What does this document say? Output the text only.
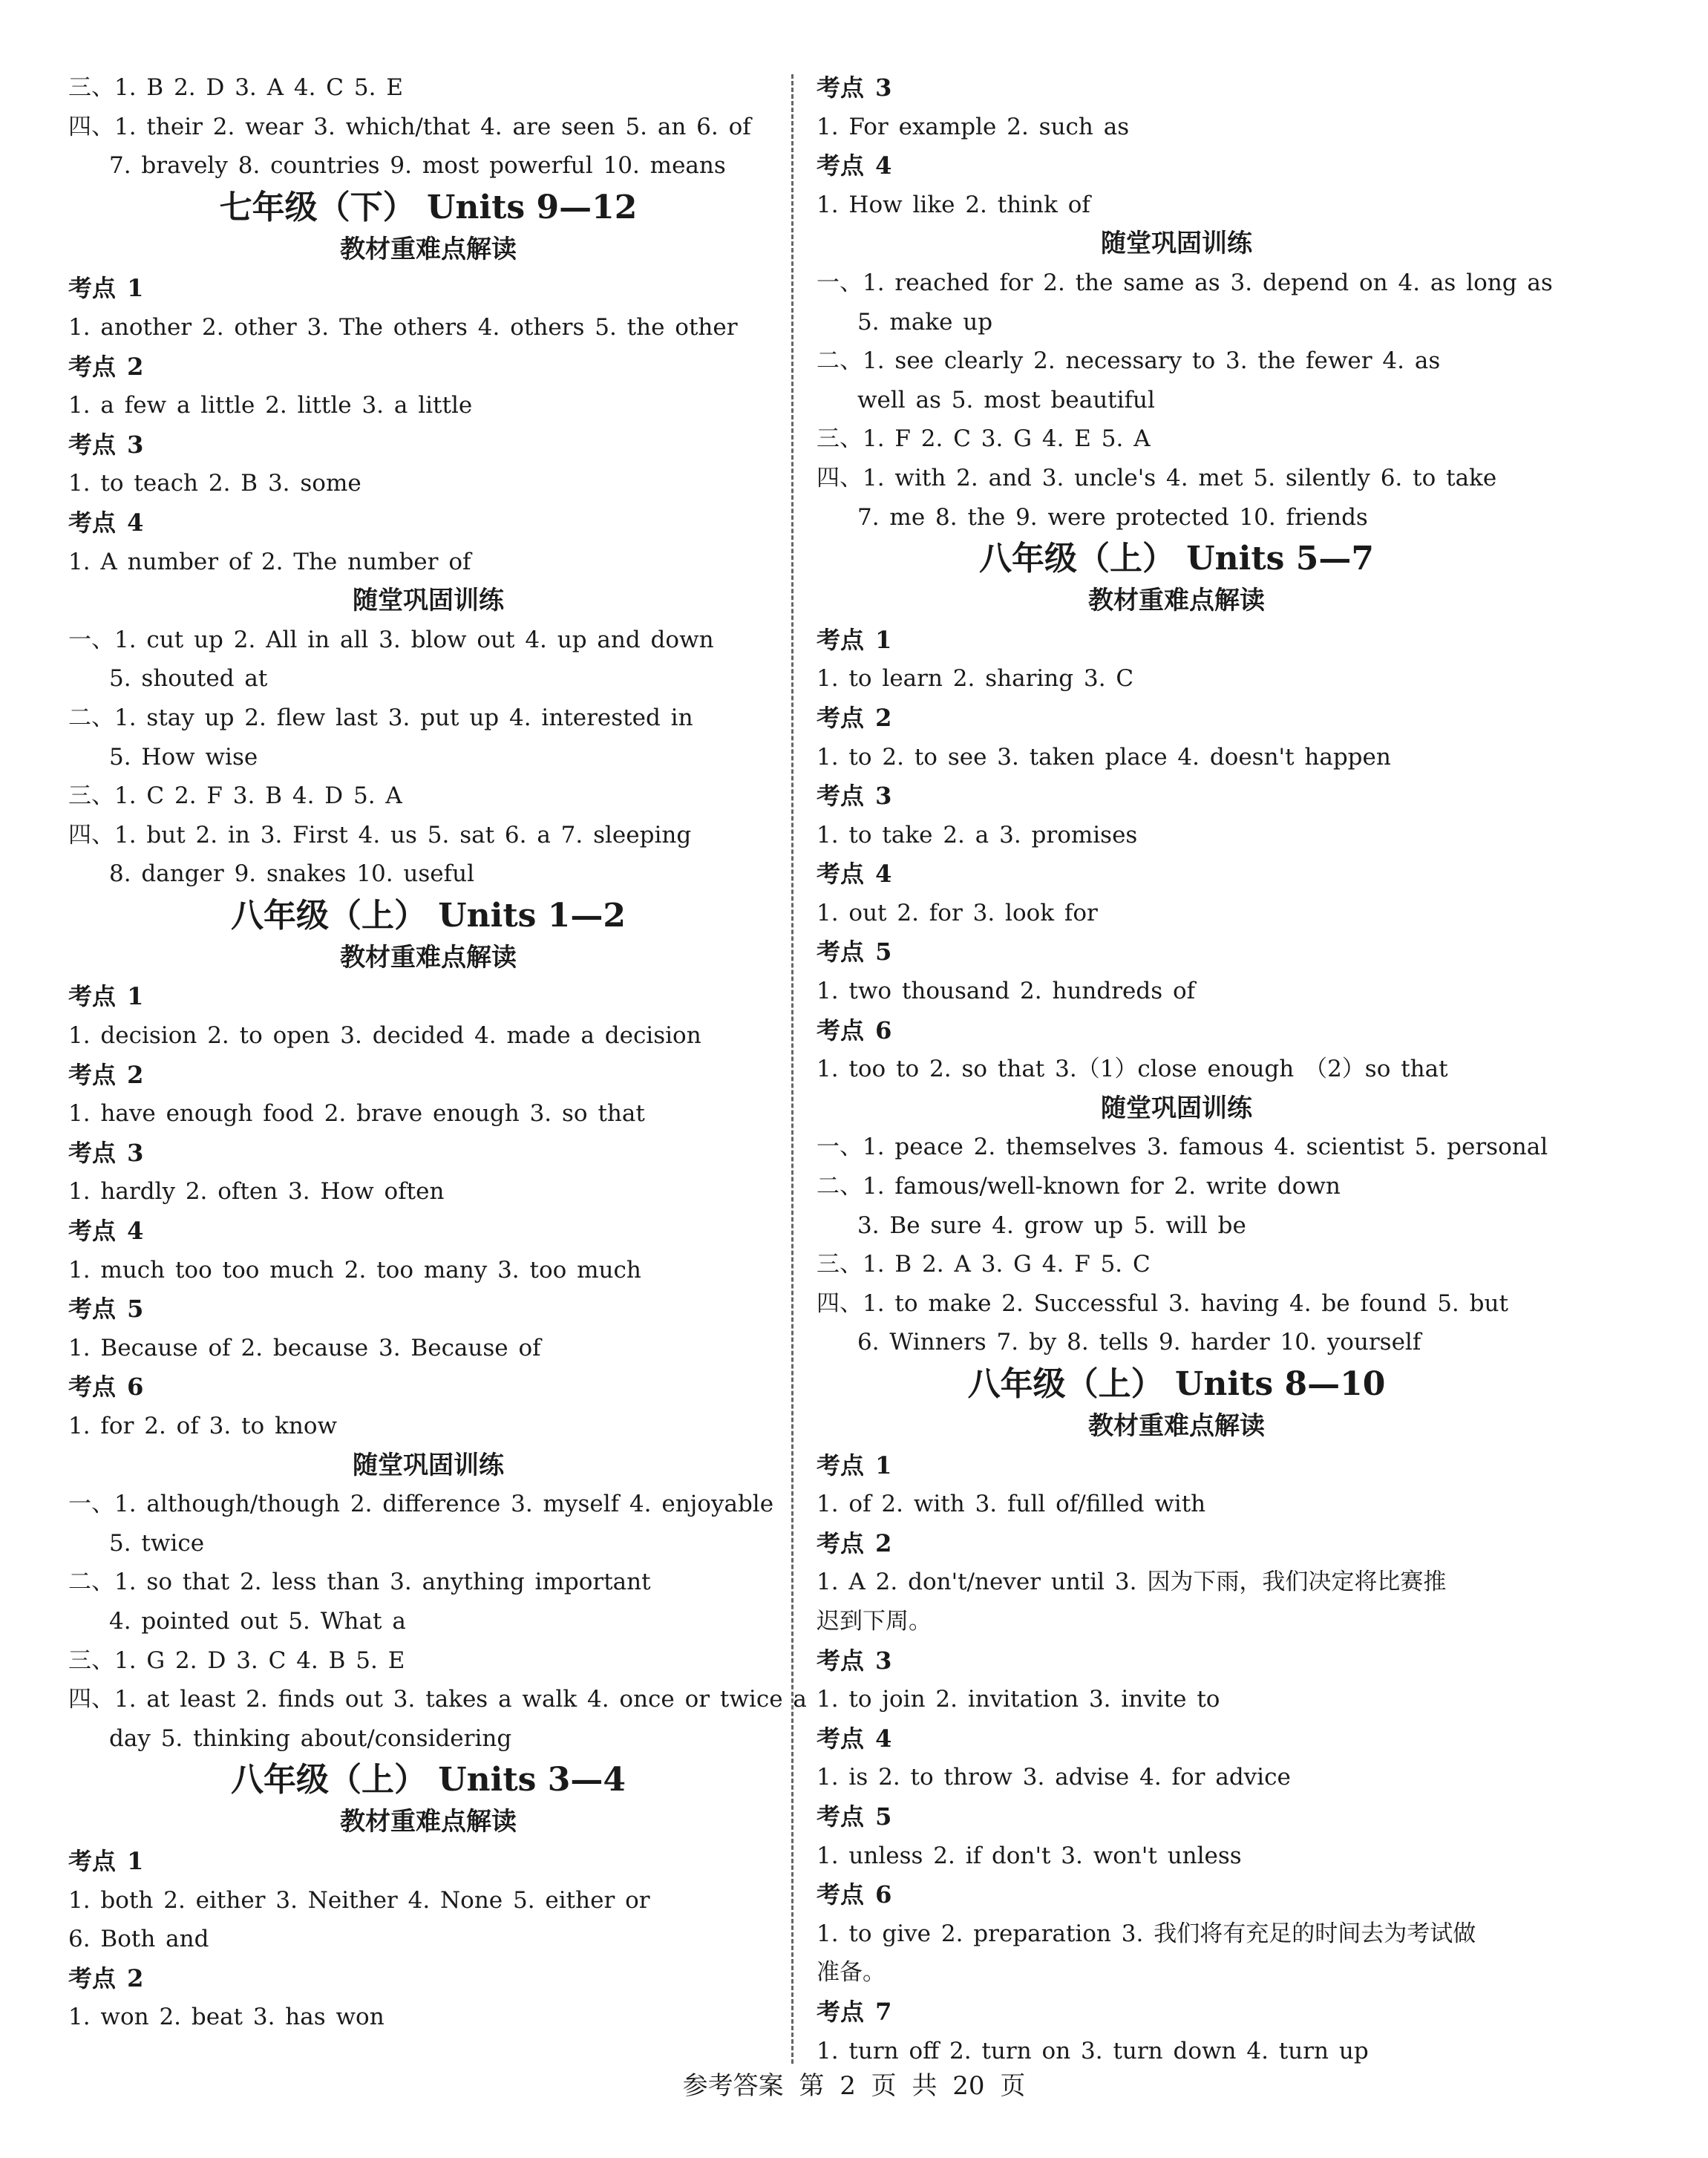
三、1. B 2. D 3. A 4. C 5. E
四、1. their 2. wear 3. which/that 4. are seen 5. an 6. of
7. bravely 8. countries 9. most powerful 10. means
七年级（下） Units 9—12
教材重难点解读
考点 1
1. another 2. other 3. The others 4. others 5. the other
考点 2
1. a few a little 2. little 3. a little
考点 3
1. to teach 2. B 3. some
考点 4
1. A number of 2. The number of
随堂巩固训练
一、1. cut up 2. All in all 3. blow out 4. up and down
5. shouted at
二、1. stay up 2. flew last 3. put up 4. interested in
5. How wise
三、1. C 2. F 3. B 4. D 5. A
四、1. but 2. in 3. First 4. us 5. sat 6. a 7. sleeping
8. danger 9. snakes 10. useful
八年级（上） Units 1—2
教材重难点解读
考点 1
1. decision 2. to open 3. decided 4. made a decision
考点 2
1. have enough food 2. brave enough 3. so that
考点 3
1. hardly 2. often 3. How often
考点 4
1. much too too much 2. too many 3. too much
考点 5
1. Because of 2. because 3. Because of
考点 6
1. for 2. of 3. to know
随堂巩固训练
一、1. although/though 2. difference 3. myself 4. enjoyable
5. twice
二、1. so that 2. less than 3. anything important
4. pointed out 5. What a
三、1. G 2. D 3. C 4. B 5. E
四、1. at least 2. finds out 3. takes a walk 4. once or twice a
day 5. thinking about/considering
八年级（上） Units 3—4
教材重难点解读
考点 1
1. both 2. either 3. Neither 4. None 5. either or
6. Both and
考点 2
1. won 2. beat 3. has won
考点 3
1. For example 2. such as
考点 4
1. How like 2. think of
随堂巩固训练
一、1. reached for 2. the same as 3. depend on 4. as long as
5. make up
二、1. see clearly 2. necessary to 3. the fewer 4. as
well as 5. most beautiful
三、1. F 2. C 3. G 4. E 5. A
四、1. with 2. and 3. uncle's 4. met 5. silently 6. to take
7. me 8. the 9. were protected 10. friends
八年级（上） Units 5—7
教材重难点解读
考点 1
1. to learn 2. sharing 3. C
考点 2
1. to 2. to see 3. taken place 4. doesn't happen
考点 3
1. to take 2. a 3. promises
考点 4
1. out 2. for 3. look for
考点 5
1. two thousand 2. hundreds of
考点 6
1. too to 2. so that 3.（1）close enough （2）so that
随堂巩固训练
一、1. peace 2. themselves 3. famous 4. scientist 5. personal
二、1. famous/well-known for 2. write down
3. Be sure 4. grow up 5. will be
三、1. B 2. A 3. G 4. F 5. C
四、1. to make 2. Successful 3. having 4. be found 5. but
6. Winners 7. by 8. tells 9. harder 10. yourself
八年级（上） Units 8—10
教材重难点解读
考点 1
1. of 2. with 3. full of/filled with
考点 2
1. A 2. don't/never until 3. 因为下雨，我们决定将比赛推
迟到下周。
考点 3
1. to join 2. invitation 3. invite to
考点 4
1. is 2. to throw 3. advise 4. for advice
考点 5
1. unless 2. if don't 3. won't unless
考点 6
1. to give 2. preparation 3. 我们将有充足的时间去为考试做
准备。
考点 7
1. turn off 2. turn on 3. turn down 4. turn up
参考答案 第 2 页 共 20 页
